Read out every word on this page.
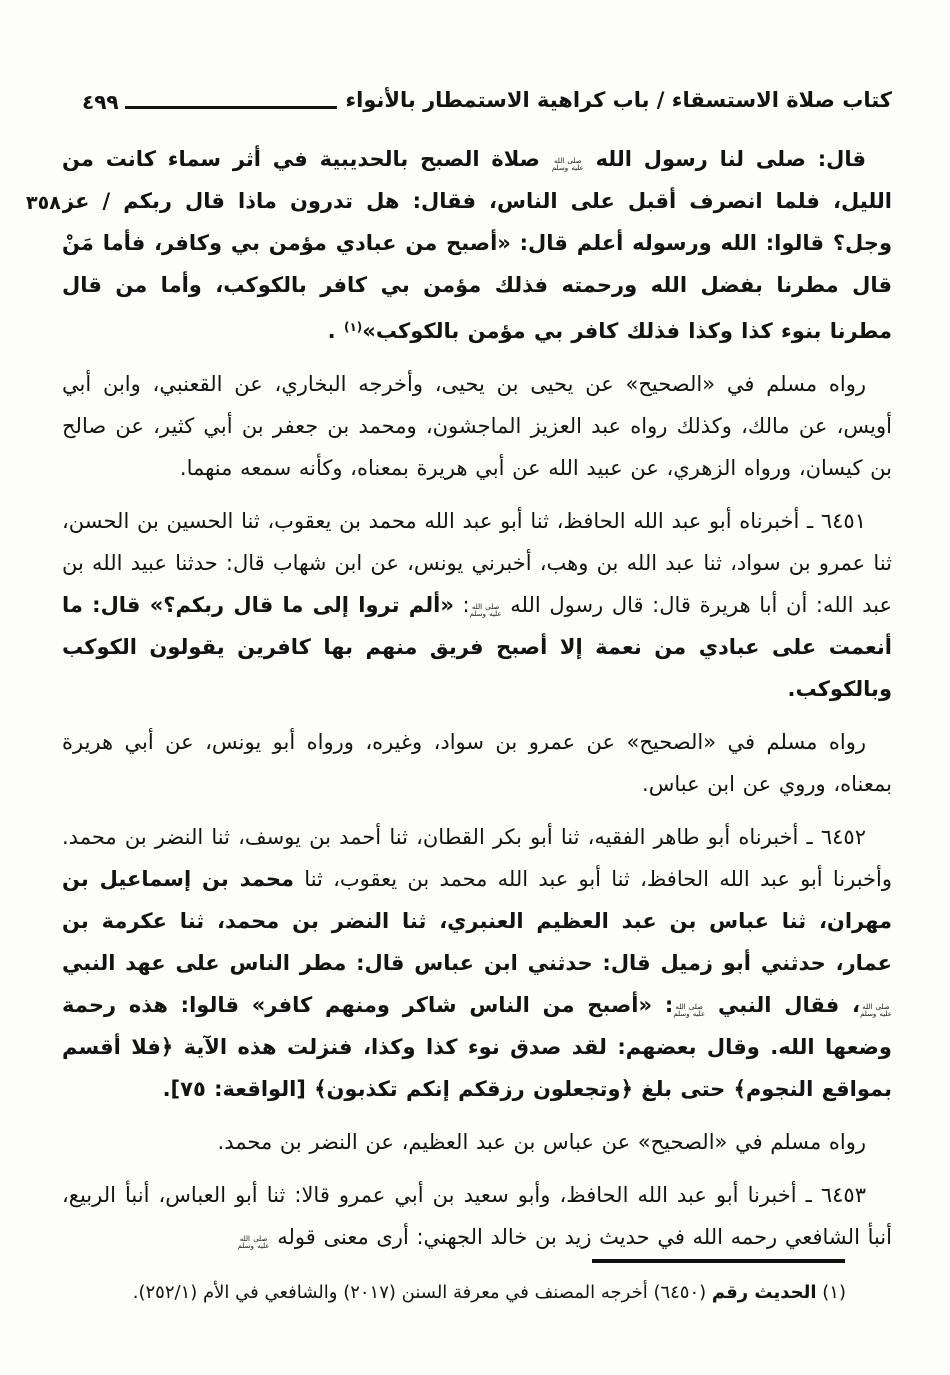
كتاب صلاة الاستسقاء / باب كراهية الاستمطار بالأنواء
٤٩٩
٣٥٨

قال: صلى لنا رسول الله صلى الله عليه وسلم صلاة الصبح بالحديبية في أثر سماء كانت من الليل، فلما انصرف أقبل على الناس، فقال: هل تدرون ماذا قال ربكم / عز وجل؟ قالوا: الله ورسوله أعلم قال: «أصبح من عبادي مؤمن بي وكافر، فأما مَنْ قال مطرنا بفضل الله ورحمته فذلك مؤمن بي كافر بالكوكب، وأما من قال مطرنا بنوء كذا وكذا فذلك كافر بي مؤمن بالكوكب»$^{(١)}$ .

رواه مسلم في «الصحيح» عن يحيى بن يحيى، وأخرجه البخاري، عن القعنبي، وابن أبي أويس، عن مالك، وكذلك رواه عبد العزيز الماجشون، ومحمد بن جعفر بن أبي كثير، عن صالح بن كيسان، ورواه الزهري، عن عبيد الله عن أبي هريرة بمعناه، وكأنه سمعه منهما.

٦٤٥١ ـ أخبرناه أبو عبد الله الحافظ، ثنا أبو عبد الله محمد بن يعقوب، ثنا الحسين بن الحسن، ثنا عمرو بن سواد، ثنا عبد الله بن وهب، أخبرني يونس، عن ابن شهاب قال: حدثنا عبيد الله بن عبد الله: أن أبا هريرة قال: قال رسول الله صلى الله عليه وسلم: «ألم تروا إلى ما قال ربكم؟» قال: ما أنعمت على عبادي من نعمة إلا أصبح فريق منهم بها كافرين يقولون الكوكب وبالكوكب.

رواه مسلم في «الصحيح» عن عمرو بن سواد، وغيره، ورواه أبو يونس، عن أبي هريرة بمعناه، وروي عن ابن عباس.

٦٤٥٢ ـ أخبرناه أبو طاهر الفقيه، ثنا أبو بكر القطان، ثنا أحمد بن يوسف، ثنا النضر بن محمد. وأخبرنا أبو عبد الله الحافظ، ثنا أبو عبد الله محمد بن يعقوب، ثنا محمد بن إسماعيل بن مهران، ثنا عباس بن عبد العظيم العنبري، ثنا النضر بن محمد، ثنا عكرمة بن عمار، حدثني أبو زميل قال: حدثني ابن عباس قال: مطر الناس على عهد النبي صلى الله عليه وسلم، فقال النبي صلى الله عليه وسلم: «أصبح من الناس شاكر ومنهم كافر» قالوا: هذه رحمة وضعها الله. وقال بعضهم: لقد صدق نوء كذا وكذا، فنزلت هذه الآية ﴿فلا أقسم بمواقع النجوم﴾ حتى بلغ ﴿وتجعلون رزقكم إنكم تكذبون﴾ [الواقعة: ٧٥].

رواه مسلم في «الصحيح» عن عباس بن عبد العظيم، عن النضر بن محمد.

٦٤٥٣ ـ أخبرنا أبو عبد الله الحافظ، وأبو سعيد بن أبي عمرو قالا: ثنا أبو العباس، أنبأ الربيع، أنبأ الشافعي رحمه الله في حديث زيد بن خالد الجهني: أرى معنى قوله صلى الله عليه وسلم

(١) الحديث رقم (٦٤٥٠) أخرجه المصنف في معرفة السنن (٢٠١٧) والشافعي في الأم (٢٥٢/١).
